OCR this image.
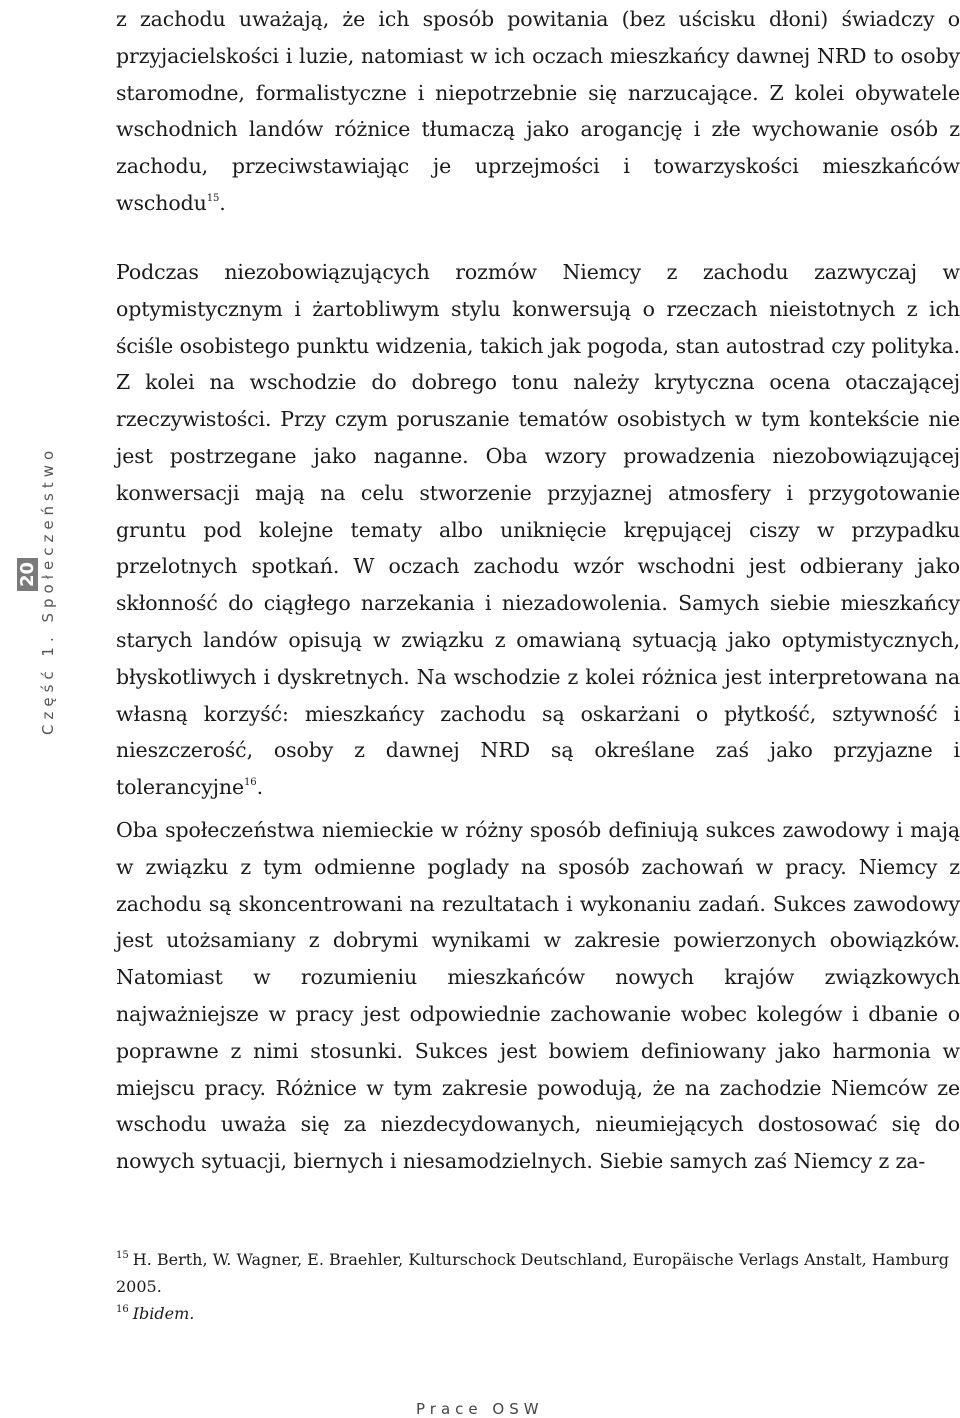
z zachodu uważają, że ich sposób powitania (bez uścisku dłoni) świadczy o przyjacielskości i luzie, natomiast w ich oczach mieszkańcy dawnej NRD to osoby staromodne, formalistyczne i niepotrzebnie się narzucające. Z kolei obywatele wschodnich landów różnice tłumaczą jako arogancję i złe wychowanie osób z zachodu, przeciwstawiając je uprzejmości i towarzyskości mieszkańców wschodu$^{15}$.

Podczas niezobowiązujących rozmów Niemcy z zachodu zazwyczaj w optymistycznym i żartobliwym stylu konwersują o rzeczach nieistotnych z ich ściśle osobistego punktu widzenia, takich jak pogoda, stan autostrad czy polityka. Z kolei na wschodzie do dobrego tonu należy krytyczna ocena otaczającej rzeczywistości. Przy czym poruszanie tematów osobistych w tym kontekście nie jest postrzegane jako naganne. Oba wzory prowadzenia niezobowiązującej konwersacji mają na celu stworzenie przyjaznej atmosfery i przygotowanie gruntu pod kolejne tematy albo uniknięcie krępującej ciszy w przypadku przelotnych spotkań. W oczach zachodu wzór wschodni jest odbierany jako skłonność do ciągłego narzekania i niezadowolenia. Samych siebie mieszkańcy starych landów opisują w związku z omawianą sytuacją jako optymistycznych, błyskotliwych i dyskretnych. Na wschodzie z kolei różnica jest interpretowana na własną korzyść: mieszkańcy zachodu są oskarżani o płytkość, sztywność i nieszczerość, osoby z dawnej NRD są określane zaś jako przyjazne i tolerancyjne$^{16}$.

Oba społeczeństwa niemieckie w różny sposób definiują sukces zawodowy i mają w związku z tym odmienne poglady na sposób zachowań w pracy. Niemcy z zachodu są skoncentrowani na rezultatach i wykonaniu zadań. Sukces zawodowy jest utożsamiany z dobrymi wynikami w zakresie powierzonych obowiązków. Natomiast w rozumieniu mieszkańców nowych krajów związkowych najważniejsze w pracy jest odpowiednie zachowanie wobec kolegów i dbanie o poprawne z nimi stosunki. Sukces jest bowiem definiowany jako harmonia w miejscu pracy. Różnice w tym zakresie powodują, że na zachodzie Niemców ze wschodu uważa się za niezdecydowanych, nieumiejących dostosować się do nowych sytuacji, biernych i niesamodzielnych. Siebie samych zaś Niemcy z za-

Część 1. Społeczeństwo
20

$^{15}$ H. Berth, W. Wagner, E. Braehler, Kulturschock Deutschland, Europäische Verlags Anstalt, Hamburg 2005.

$^{16}$ Ibidem.

Prace OSW
